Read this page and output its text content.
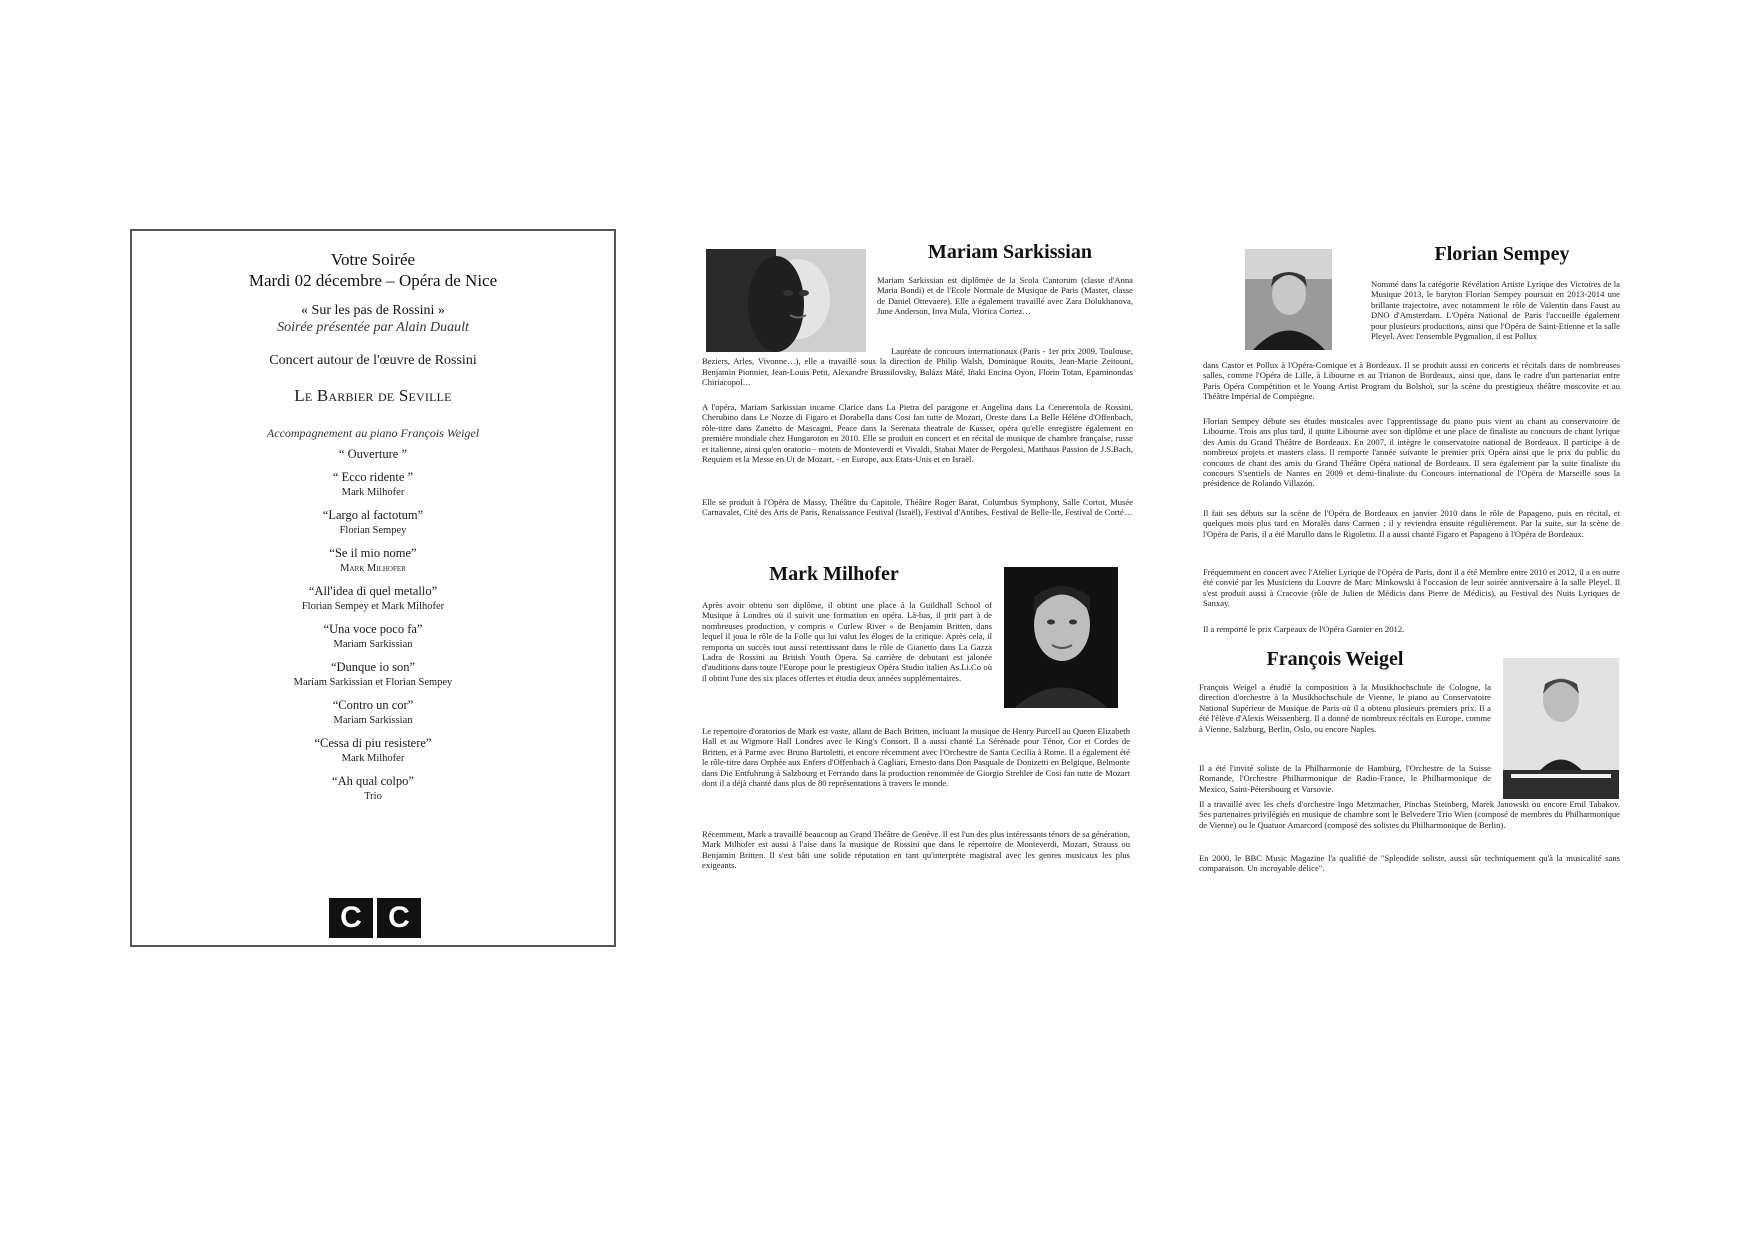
Votre Soirée
Mardi 02 décembre – Opéra de Nice
« Sur les pas de Rossini »
Soirée présentée par Alain Duault
Concert autour de l'œuvre de Rossini
Le Barbier de Seville
Accompagnement au piano François Weigel
“ Ouverture ”
“ Ecco ridente ”
Mark Milhofer
“Largo al factotum”
Florian Sempey
“Se il mio nome”
Mark Milhofer
“All'idea di quel metallo”
Florian Sempey et Mark Milhofer
“Una voce poco fa”
Mariam Sarkissian
“Dunque io son”
Mariam Sarkissian et Florian Sempey
“Contro un cor”
Mariam Sarkissian
“Cessa di piu resistere”
Mark Milhofer
“Ah qual colpo”
Trio
C C
Mariam Sarkissian

Mariam Sarkissian est diplômée de la Scola Cantorum (classe d'Anna Maria Bondi) et de l'Ecole Normale de Musique de Paris (Master, classe de Daniel Ottevaere). Elle a également travaillé avec Zara Dolukhanova, June Anderson, Inva Mula, Viorica Cortez…

Lauréate de concours internationaux (Paris - 1er prix 2009, Toulouse, Beziers, Arles, Vivonne…), elle a travaillé sous la direction de Philip Walsh, Dominique Rouits, Jean-Marie Zeitouni, Benjamin Pionnier, Jean-Louis Petit, Alexandre Brussilovsky, Balázs Máté, Iñaki Encina Oyon, Florin Totan, Epaminondas Chiriacopol…

A l'opéra, Mariam Sarkissian incarne Clarice dans La Pietra del paragone et Angelina dans La Cenerentola de Rossini, Cherubino dans Le Nozze di Figaro et Dorabella dans Cosi fan tutte de Mozart, Oreste dans La Belle Hélène d'Offenbach, rôle-titre dans Zanetto de Mascagni, Peace dans la Serenata theatrale de Kusser, opéra qu'elle enregistre également en première mondiale chez Hungaroton en 2010. Elle se produit en concert et en récital de musique de chambre française, russe et italienne, ainsi qu'en oratorio - motets de Monteverdi et Vivaldi, Stabat Mater de Pergolesi, Matthaus Passion de J.S.Bach, Requiem et la Messe en Ut de Mozart, - en Europe, aux Etats-Unis et en Israël.

Elle se produit à l'Opéra de Massy, Théâtre du Capitole, Théâtre Roger Barat, Columbus Symphony, Salle Cortot, Musée Carnavalet, Cité des Arts de Paris, Renaissance Festival (Israël), Festival d'Antibes, Festival de Belle-Ile, Festival de Corté…

Mark Milhofer

Après avoir obtenu son diplôme, il obtint une place à la Guildhall School of Musique à Londres où il suivit une formation en opéra. Là-bas, il prit part à de nombreuses production, y compris « Curlew River » de Benjamin Britten, dans lequel il joua le rôle de la Folle qui lui valut les éloges de la critique. Après cela, il remporta un succès tout aussi retentissant dans le rôle de Gianetto dans La Gazza Ladra de Rossini au British Youth Opera. Sa carrière de debutant est jalonée d'auditions dans toute l'Europe pour le prestigieux Opéra Studio italien As.Li.Co où il obtint l'une des six places offertes et étudia deux années supplémentaires.

Le repertoire d'oratorios de Mark est vaste, allant de Bach Britten, incluant la musique de Henry Purcell au Queen Elizabeth Hall et au Wigmore Hall Londres avec le King's Consort. Il a aussi chanté La Sérénade pour Ténor, Cor et Cordes de Britten, et à Parme avec Bruno Bartoletti, et encore récemment avec l'Orchestre de Santa Cecilia à Rome. Il a également été le rôle-titre dans Orphée aux Enfers d'Offenbach à Cagliari, Ernesto dans Don Pasquale de Donizetti en Belgique, Belmonte dans Die Entfuhrung à Salzbourg et Ferrando dans la production renommée de Giorgio Strehler de Cosi fan tutte de Mozart dont il a déjà chanté dans plus de 80 représentations à travers le monde.

Récemment, Mark a travaillé beaucoup au Grand Théâtre de Genève. Il est l'un des plus intéressants ténors de sa génération, Mark Milhofer est aussi à l'aise dans la musique de Rossini que dans le répertoire de Monteverdi, Mozart, Strauss ou Benjamin Britten. Il s'est bâti une solide réputation en tant qu'interprète magistral avec les genres musicaux les plus exigeants.

Florian Sempey

Nommé dans la catégorie Révélation Artiste Lyrique des Victoires de la Musique 2013, le baryton Florian Sempey poursuit en 2013-2014 une brillante trajectoire, avec notamment le rôle de Valentin dans Faust au DNO d'Amsterdam. L'Opéra National de Paris l'accueille également pour plusieurs productions, ainsi que l'Opéra de Saint-Etienne et la salle Pleyel. Avec l'ensemble Pygmalion, il est Pollux

dans Castor et Pollux à l'Opéra-Comique et à Bordeaux. Il se produit aussi en concerts et récitals dans de nombreuses salles, comme l'Opéra de Lille, à Libourne et au Trianon de Bordeaux, ainsi que, dans le cadre d'un partenariat entre Paris Opéra Compétition et le Young Artist Program du Bolshoï, sur la scène du prestigieux théâtre moscovite et au Théâtre Impérial de Compiègne.

Florian Sempey débute ses études musicales avec l'apprentissage du piano puis vient au chant au conservatoire de Libourne. Trois ans plus tard, il quitte Libourne avec son diplôme et une place de finaliste au concours de chant lyrique des Amis du Grand Théâtre de Bordeaux. En 2007, il intègre le conservatoire national de Bordeaux. Il participe à de nombreux projets et masters class. Il remporte l'année suivante le premier prix Opéra ainsi que le prix du public du concours de chant des amis du Grand Théâtre Opéra national de Bordeaux. Il sera également par la suite finaliste du concours S'sentiels de Nantes en 2009 et demi-finaliste du Concours international de l'Opéra de Marseille sous la présidence de Rolando Villazón.

Il fait ses débuts sur la scène de l'Opéra de Bordeaux en janvier 2010 dans le rôle de Papageno, puis en récital, et quelques mois plus tard en Moralès dans Carmen ; il y reviendra ensuite régulièrement. Par la suite, sur la scène de l'Opéra de Paris, il a été Marullo dans le Rigoletto. Il a aussi chanté Figaro et Papageno à l'Opéra de Bordeaux.

Fréquemment en concert avec l'Atelier Lyrique de l'Opéra de Paris, dont il a été Membre entre 2010 et 2012, il a en outre été convié par les Musiciens du Louvre de Marc Minkowski à l'occasion de leur soirée anniversaire à la salle Pleyel. Il s'est produit aussi à Cracovie (rôle de Julien de Médicis dans Pierre de Médicis), au Festival des Nuits Lyriques de Sanxay.

Il a remporté le prix Carpeaux de l'Opéra Garnier en 2012.

François Weigel

François Weigel a étudié la composition à la Musikhochschule de Cologne, la direction d'orchestre à la Musikhochschule de Vienne, le piano au Conservatoire National Supérieur de Musique de Paris où il a obtenu plusieurs premiers prix. Il a été l'élève d'Alexis Weissenberg. Il a donné de nombreux récitals en Europe, comme à Vienne, Salzburg, Berlin, Oslo, ou encore Naples.

Il a été l'invité soliste de la Philharmonie de Hamburg, l'Orchestre de la Suisse Romande, l'Orchestre Philharmonique de Radio-France, le Philharmonique de Mexico, Saint-Pétersbourg et Varsovie.

Il a travaillé avec les chefs d'orchestre Ingo Metzmacher, Pinchas Steinberg, Marek Janowski ou encore Emil Tabakov. Ses partenaires privilégiés en musique de chambre sont le Belvedere Trio Wien (composé de membres du Philharmonique de Vienne) ou le Quatuor Amarcord (composé des solistes du Philharmonique de Berlin).

En 2000, le BBC Music Magazine l'a qualifié de "Splendide soliste, aussi sûr techniquement qu'à la musicalité sans comparaison. Un incroyable délice".
